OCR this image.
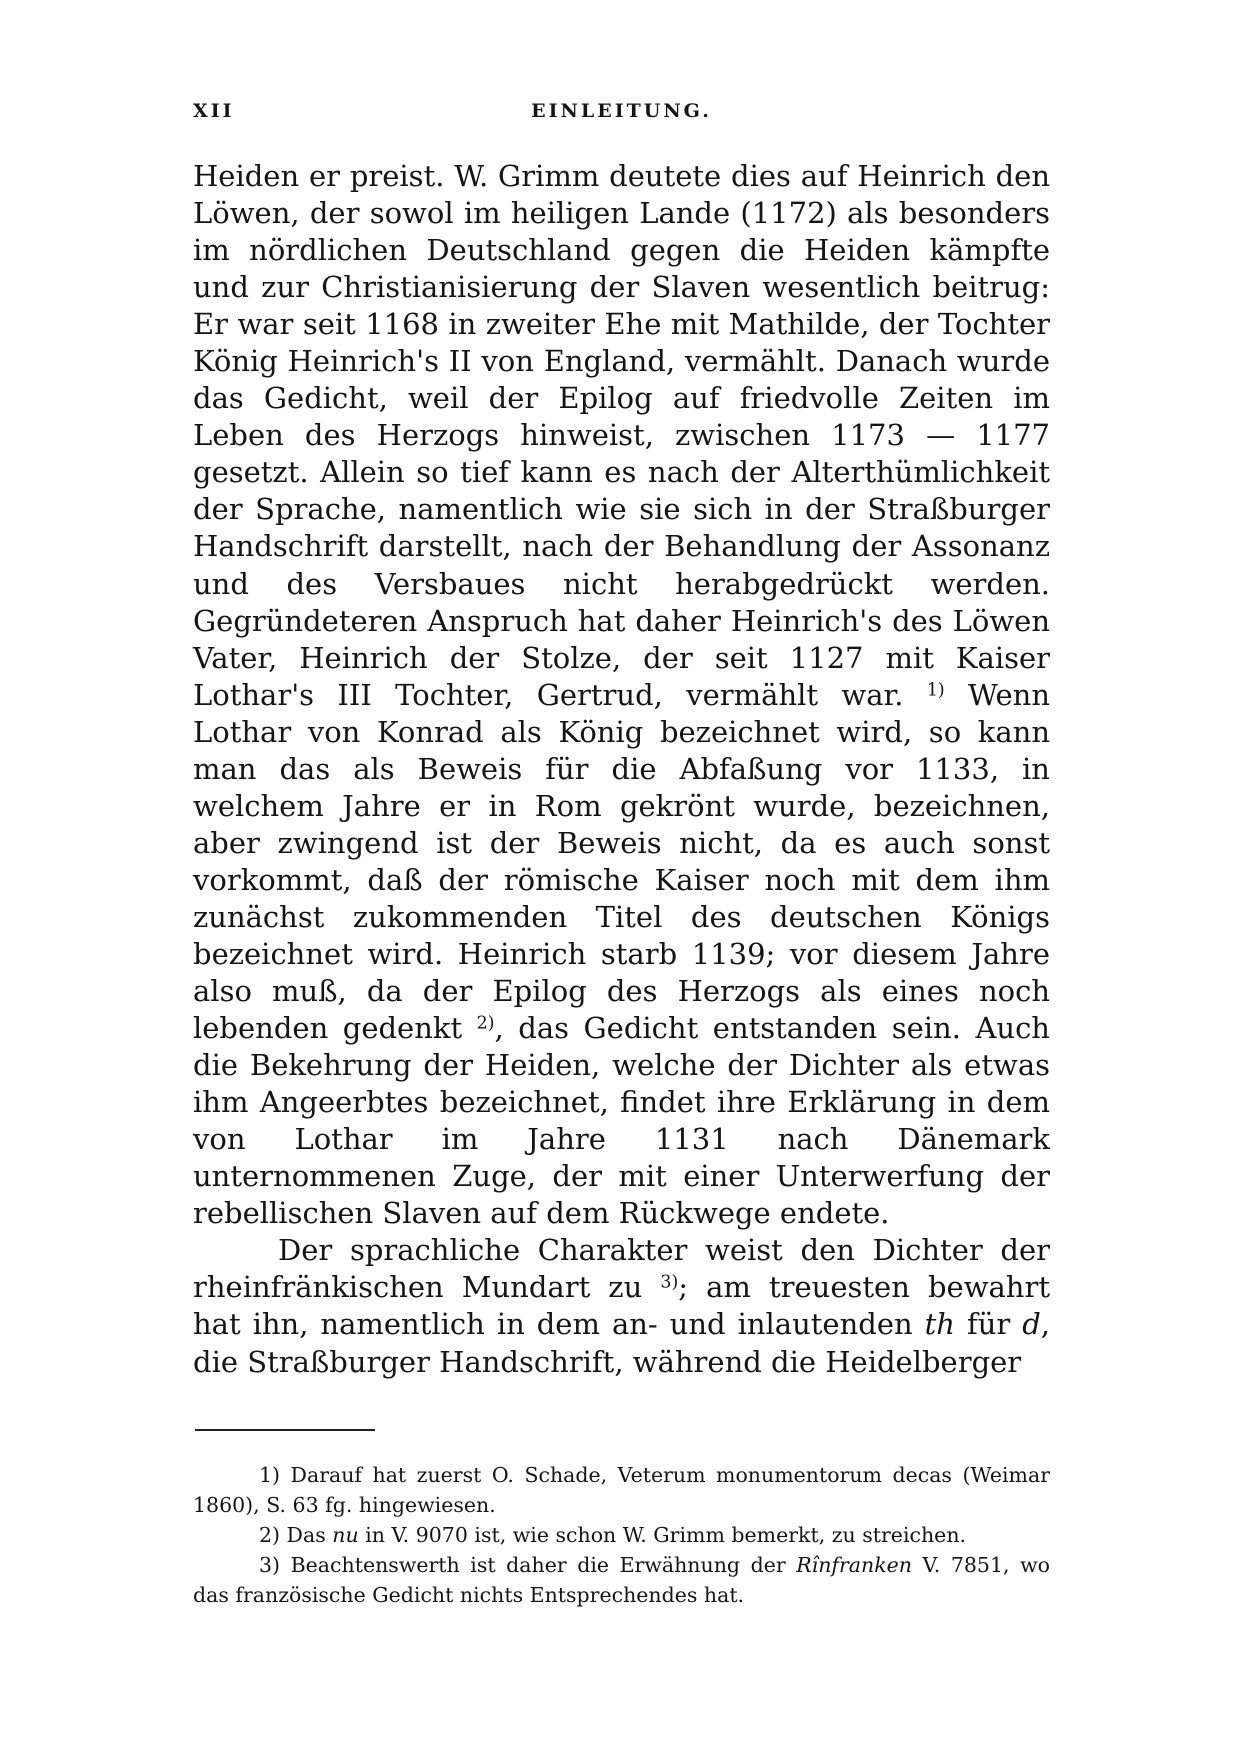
XII	EINLEITUNG.

Heiden er preist. W. Grimm deutete dies auf Heinrich den Löwen, der sowol im heiligen Lande (1172) als besonders im nördlichen Deutschland gegen die Heiden kämpfte und zur Christianisierung der Slaven wesentlich beitrug: Er war seit 1168 in zweiter Ehe mit Mathilde, der Tochter König Heinrich's II von England, vermählt. Danach wurde das Gedicht, weil der Epilog auf friedvolle Zeiten im Leben des Herzogs hinweist, zwischen 1173 — 1177 gesetzt. Allein so tief kann es nach der Alterthümlichkeit der Sprache, namentlich wie sie sich in der Straßburger Handschrift darstellt, nach der Behandlung der Assonanz und des Versbaues nicht herabgedrückt werden. Gegründeteren Anspruch hat daher Heinrich's des Löwen Vater, Heinrich der Stolze, der seit 1127 mit Kaiser Lothar's III Tochter, Gertrud, vermählt war. $^{1)}$ Wenn Lothar von Konrad als König bezeichnet wird, so kann man das als Beweis für die Abfaßung vor 1133, in welchem Jahre er in Rom gekrönt wurde, bezeichnen, aber zwingend ist der Beweis nicht, da es auch sonst vorkommt, daß der römische Kaiser noch mit dem ihm zunächst zukommenden Titel des deutschen Königs bezeichnet wird. Heinrich starb 1139; vor diesem Jahre also muß, da der Epilog des Herzogs als eines noch lebenden gedenkt $^{2)}$, das Gedicht entstanden sein. Auch die Bekehrung der Heiden, welche der Dichter als etwas ihm Angeerbtes bezeichnet, findet ihre Erklärung in dem von Lothar im Jahre 1131 nach Dänemark unternommenen Zuge, der mit einer Unterwerfung der rebellischen Slaven auf dem Rückwege endete.

Der sprachliche Charakter weist den Dichter der rheinfränkischen Mundart zu $^{3)}$; am treuesten bewahrt hat ihn, namentlich in dem an- und inlautenden th für d, die Straßburger Handschrift, während die Heidelberger

1) Darauf hat zuerst O. Schade, Veterum monumentorum decas (Weimar 1860), S. 63 fg. hingewiesen.

2) Das nu in V. 9070 ist, wie schon W. Grimm bemerkt, zu streichen.

3) Beachtenswerth ist daher die Erwähnung der Rînfranken V. 7851, wo das französische Gedicht nichts Entsprechendes hat.
